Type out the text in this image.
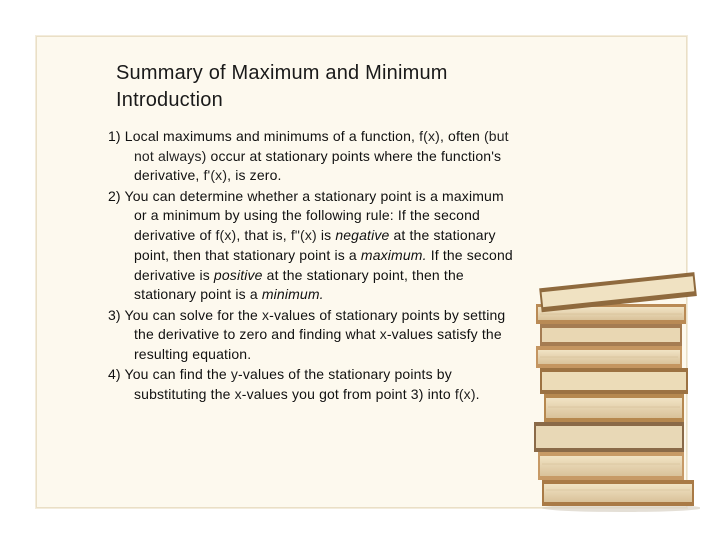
Summary of Maximum and Minimum
Introduction
1) Local maximums and minimums of a function, f(x), often (but not always) occur at stationary points where the function's derivative, f'(x), is zero.
2) You can determine whether a stationary point is a maximum or a minimum by using the following rule: If the second derivative of f(x), that is, f"(x) is negative at the stationary point, then that stationary point is a maximum. If the second derivative is positive at the stationary point, then the stationary point is a minimum.
3) You can solve for the x-values of stationary points by setting the derivative to zero and finding what x-values satisfy the resulting equation.
4) You can find the y-values of the stationary points by substituting the x-values you got from point 3) into f(x).
